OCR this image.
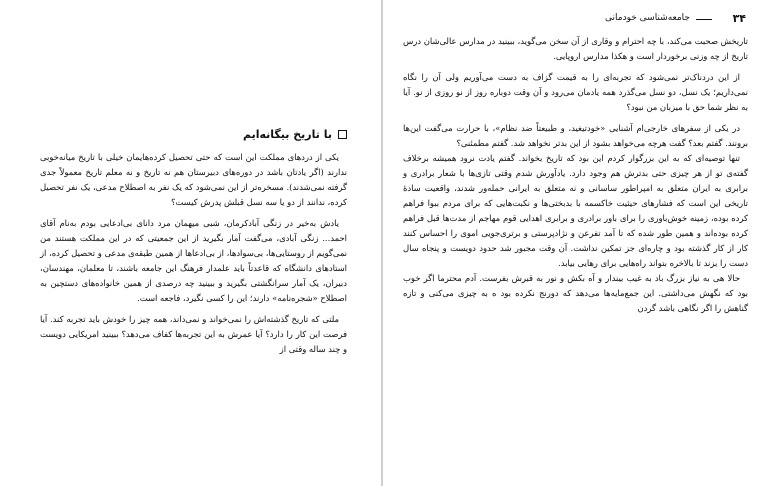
با تاریخ بیگانه‌ایم

یکی از دردهای مملکت این است که حتی تحصیل کرده‌هایمان خیلی با تاریخ میانه‌خوبی ندارند (اگر یادتان باشد در دوره‌های دبیرستان هم نه تاریخ و نه معلم تاریخ معمولاً جدی گرفته نمی‌شدند). مسخره‌تر از این نمی‌شود که یک نفر به اصطلاح مدعی، یک نفر تحصیل کرده، ندانند از دو یا سه نسل قبلش پدرش کیست؟

یادش به‌خیر در زنگی آبادکرمان، شبی میهمان مرد دانای بی‌ادعایی بودم به‌نام آقای احمد... زنگی آبادی، می‌گفت آمار بگیرید از این جمعیتی که در این مملکت هستند من نمی‌گویم از روستایی‌ها، بی‌سوادها، از بی‌ادعاها از همین طبقه‌ی مدعی و تحصیل کرده، از استادهای دانشگاه که قاعدتاً باید علمدار فرهنگ این جامعه باشند، تا معلمان، مهندسان، دبیران، یک آمار سرانگشتی بگیرید و ببینید چه درصدی از همین خانواده‌های دستچین به اصطلاح «شجره‌نامه» دارند؛ این را کسی نگیرد، فاجعه است.

ملتی که تاریخ گذشته‌اش را نمی‌خواند و نمی‌داند، همه چیز را خودش باید تجربه کند. آیا فرصت این کار را دارد؟ آیا عمرش به این تجربه‌ها کفاف می‌دهد؟ ببینید امریکایی دویست و چند ساله وقتی از

۳۴
جامعه‌شناسی خودمانی

تاریخش صحبت می‌کند، با چه احترام و وقاری از آن سخن می‌گوید، ببینید در مدارس عالی‌شان درس تاریخ از چه وزنی برخوردار است و هکذا مدارس اروپایی.

از این دردناک‌تر نمی‌شود که تجربه‌ای را به قیمت گزاف به دست می‌آوریم ولی آن را نگاه نمی‌داریم؛ یک نسل، دو نسل می‌گذرد همه یادمان می‌رود و آن وقت دوباره روز از نو روزی از نو. آیا به نظر شما حق با میزبان من نبود؟

در یکی از سفرهای خارجی‌ام آشنایی «خودتیغید، و طبیعتاً ضد نظام»، با حرارت می‌گفت این‌ها برونند. گفتم بعد؟ گفت هرچه می‌خواهد بشود از این بدتر نخواهد شد. گفتم مطمئنی؟

تنها توصیه‌ای که به این بزرگوار کردم این بود که تاریخ بخواند. گفتم یادت نرود همیشه برخلاف گفته‌ی تو از هر چیزی حتی بدترش هم وجود دارد. یادآورش شدم وقتی تازی‌ها با شعار برادری و برابری به ایران متعلق به امپراطور ساسانی و نه متعلق به ایرانی حمله‌ور شدند، واقعیت سادهٔ تاریخی این است که فشارهای حیثیت خاکسمه با بدبختی‌ها و نکبت‌هایی که برای مردم ببوا فراهم کرده بوده، زمینه خوش‌باوری را برای باور برادری و برابری اهدایی قوم مهاجم از مدت‌ها قبل فراهم کرده بوده‌اند و همین طور شده که تا آمد تفرعن و نژادپرستی و برتری‌جویی اموی را احساس کنند کار از کار گذشته بود و چاره‌ای جز تمکین نداشت. آن وقت مجبور شد حدود دویست و پنجاه سال دست را بزند تا بالاخره بتواند راه‌هایی برای رهایی بیابد.

حالا هی به نیاز بزرگ باد به غیب بیندار و آه بکش و نور به قبرش بفرست. آدم محترما اگر خوب بود که نگهش می‌داشتی. این جمع‌مایه‌ها می‌دهد که دورنج نکرده بود ه به چیزی می‌کنی و تازه گناهش را اگر نگاهی باشد گردن
